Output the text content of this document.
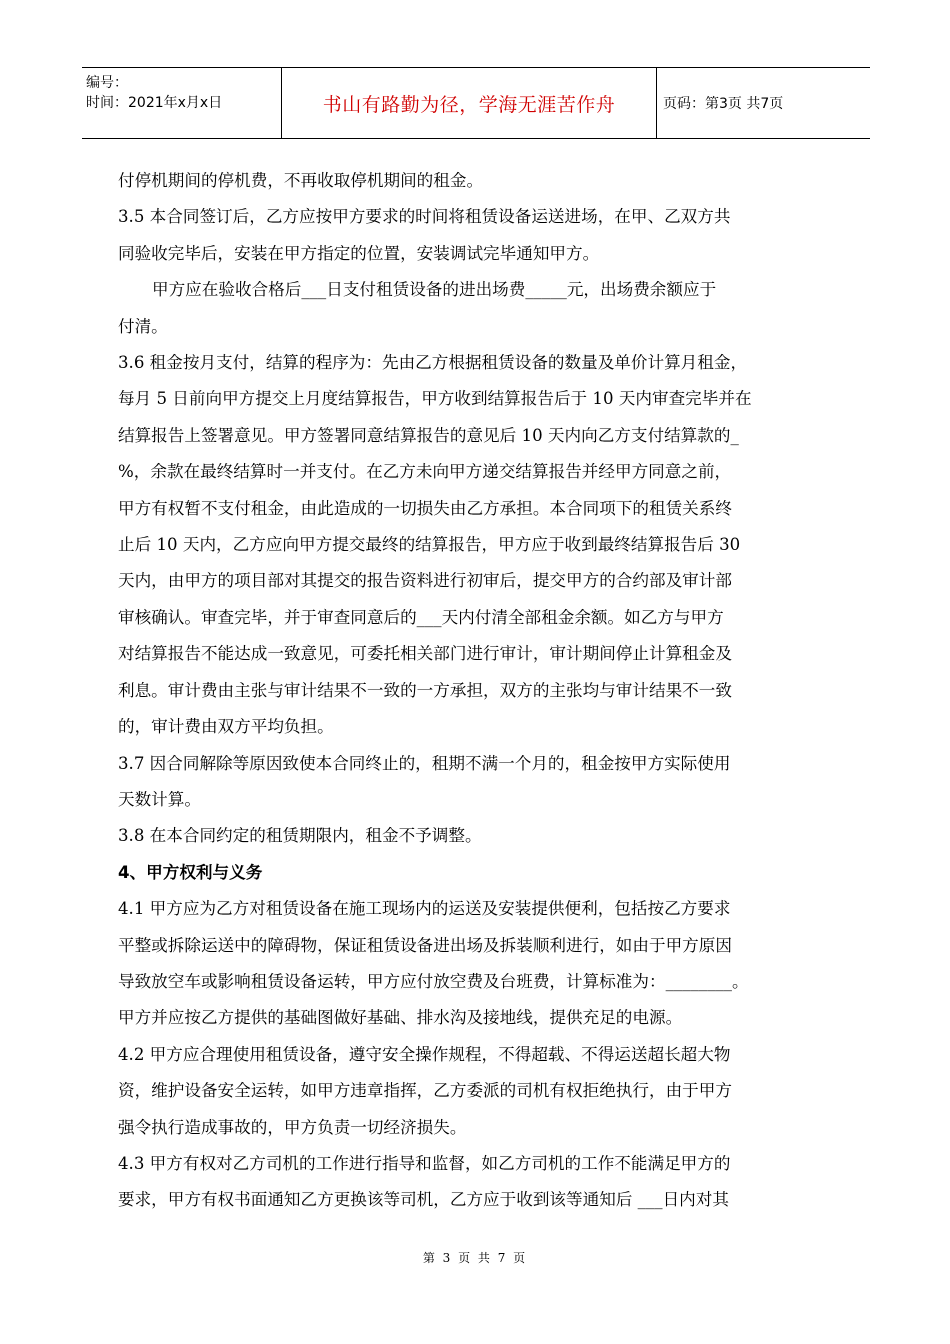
编号：
时间：2021年x月x日	书山有路勤为径，学海无涯苦作舟	页码：第3页 共7页

付停机期间的停机费，不再收取停机期间的租金。

3.5 本合同签订后，乙方应按甲方要求的时间将租赁设备运送进场，在甲、乙双方共

同验收完毕后，安装在甲方指定的位置，安装调试完毕通知甲方。

甲方应在验收合格后___日支付租赁设备的进出场费_____元，出场费余额应于

付清。

3.6 租金按月支付，结算的程序为：先由乙方根据租赁设备的数量及单价计算月租金，

每月 5 日前向甲方提交上月度结算报告，甲方收到结算报告后于 10 天内审查完毕并在

结算报告上签署意见。甲方签署同意结算报告的意见后 10 天内向乙方支付结算款的_

%，余款在最终结算时一并支付。在乙方未向甲方递交结算报告并经甲方同意之前，

甲方有权暂不支付租金，由此造成的一切损失由乙方承担。本合同项下的租赁关系终

止后 10 天内，乙方应向甲方提交最终的结算报告，甲方应于收到最终结算报告后 30

天内，由甲方的项目部对其提交的报告资料进行初审后，提交甲方的合约部及审计部

审核确认。审查完毕，并于审查同意后的___天内付清全部租金余额。如乙方与甲方

对结算报告不能达成一致意见，可委托相关部门进行审计，审计期间停止计算租金及

利息。审计费由主张与审计结果不一致的一方承担，双方的主张均与审计结果不一致

的，审计费由双方平均负担。

3.7 因合同解除等原因致使本合同终止的，租期不满一个月的，租金按甲方实际使用

天数计算。

3.8 在本合同约定的租赁期限内，租金不予调整。

4、甲方权利与义务

4.1 甲方应为乙方对租赁设备在施工现场内的运送及安装提供便利，包括按乙方要求

平整或拆除运送中的障碍物，保证租赁设备进出场及拆装顺利进行，如由于甲方原因

导致放空车或影响租赁设备运转，甲方应付放空费及台班费，计算标准为：________。

甲方并应按乙方提供的基础图做好基础、排水沟及接地线，提供充足的电源。

4.2 甲方应合理使用租赁设备，遵守安全操作规程，不得超载、不得运送超长超大物

资，维护设备安全运转，如甲方违章指挥，乙方委派的司机有权拒绝执行，由于甲方

强令执行造成事故的，甲方负责一切经济损失。

4.3 甲方有权对乙方司机的工作进行指导和监督，如乙方司机的工作不能满足甲方的

要求，甲方有权书面通知乙方更换该等司机，乙方应于收到该等通知后 ___日内对其

第 3 页 共 7 页
